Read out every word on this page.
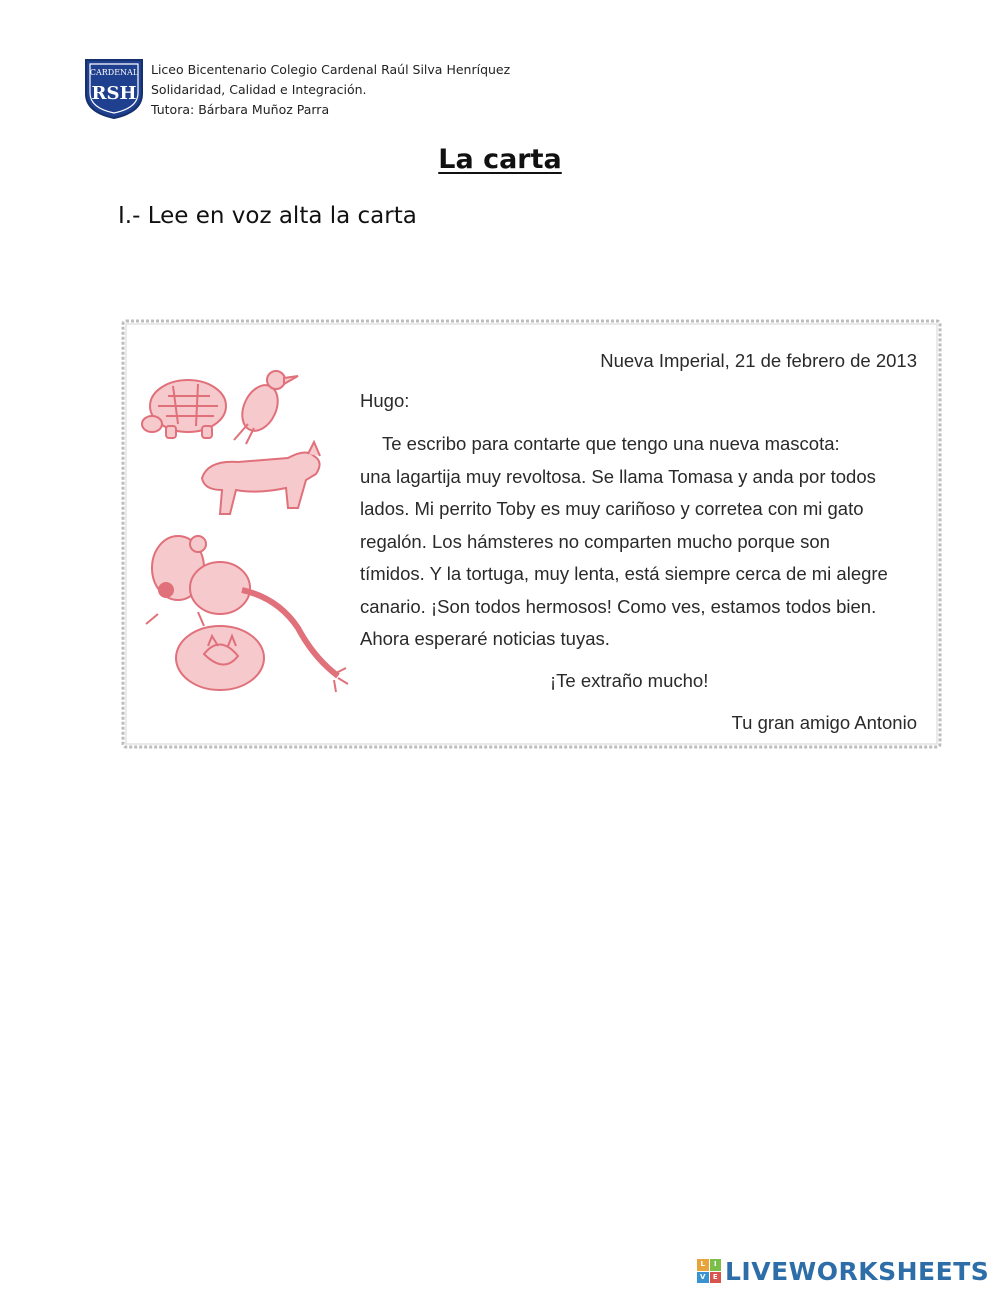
CARDENAL
RSH
Liceo Bicentenario Colegio Cardenal Raúl Silva Henríquez
Solidaridad, Calidad e Integración.
Tutora: Bárbara Muñoz Parra
La carta
I.- Lee en voz alta la carta
Nueva Imperial, 21 de febrero de 2013
Hugo:
Te escribo para contarte que tengo una nueva mascota:
una lagartija muy revoltosa. Se llama Tomasa y anda por todos
lados. Mi perrito Toby es muy cariñoso y corretea con mi gato
regalón. Los hámsteres no comparten mucho porque son
tímidos. Y la tortuga, muy lenta, está siempre cerca de mi alegre
canario. ¡Son todos hermosos! Como ves, estamos todos bien.
Ahora esperaré noticias tuyas.
¡Te extraño mucho!
Tu gran amigo Antonio
L	I
V	E LIVEWORKSHEETS
